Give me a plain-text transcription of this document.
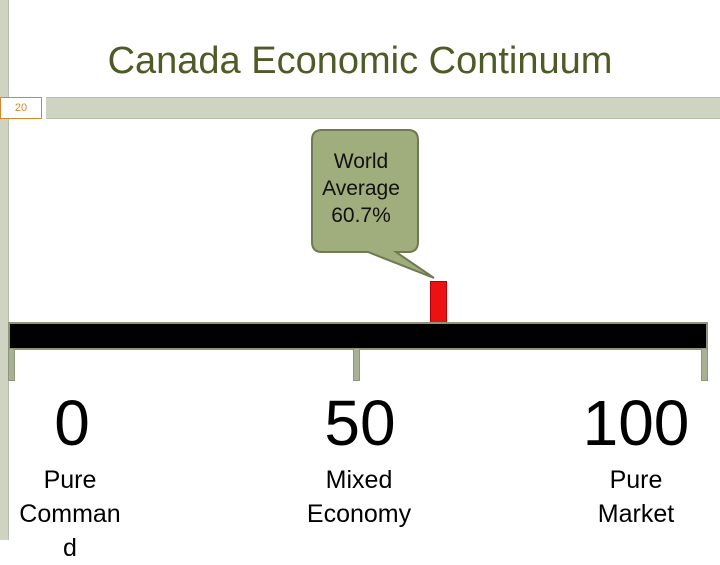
Canada Economic Continuum
20
World
Average
60.7%
0	50	100
Pure
Comman
d
Mixed
Economy
Pure
Market
